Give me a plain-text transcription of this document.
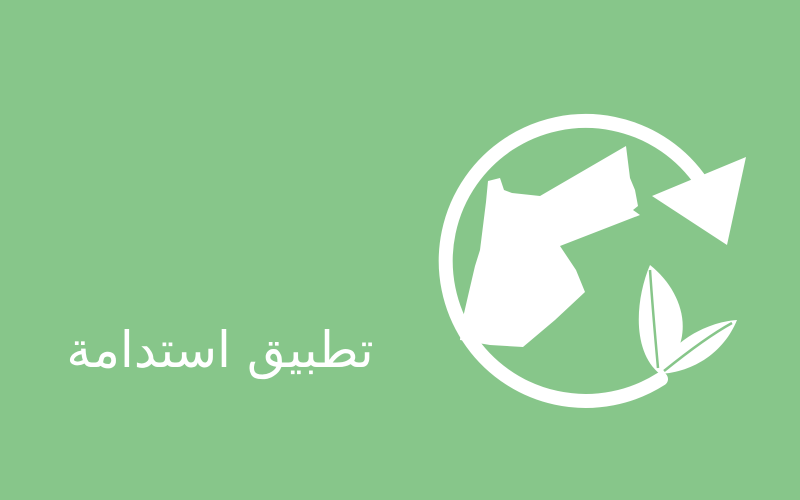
تطبيق استدامة
